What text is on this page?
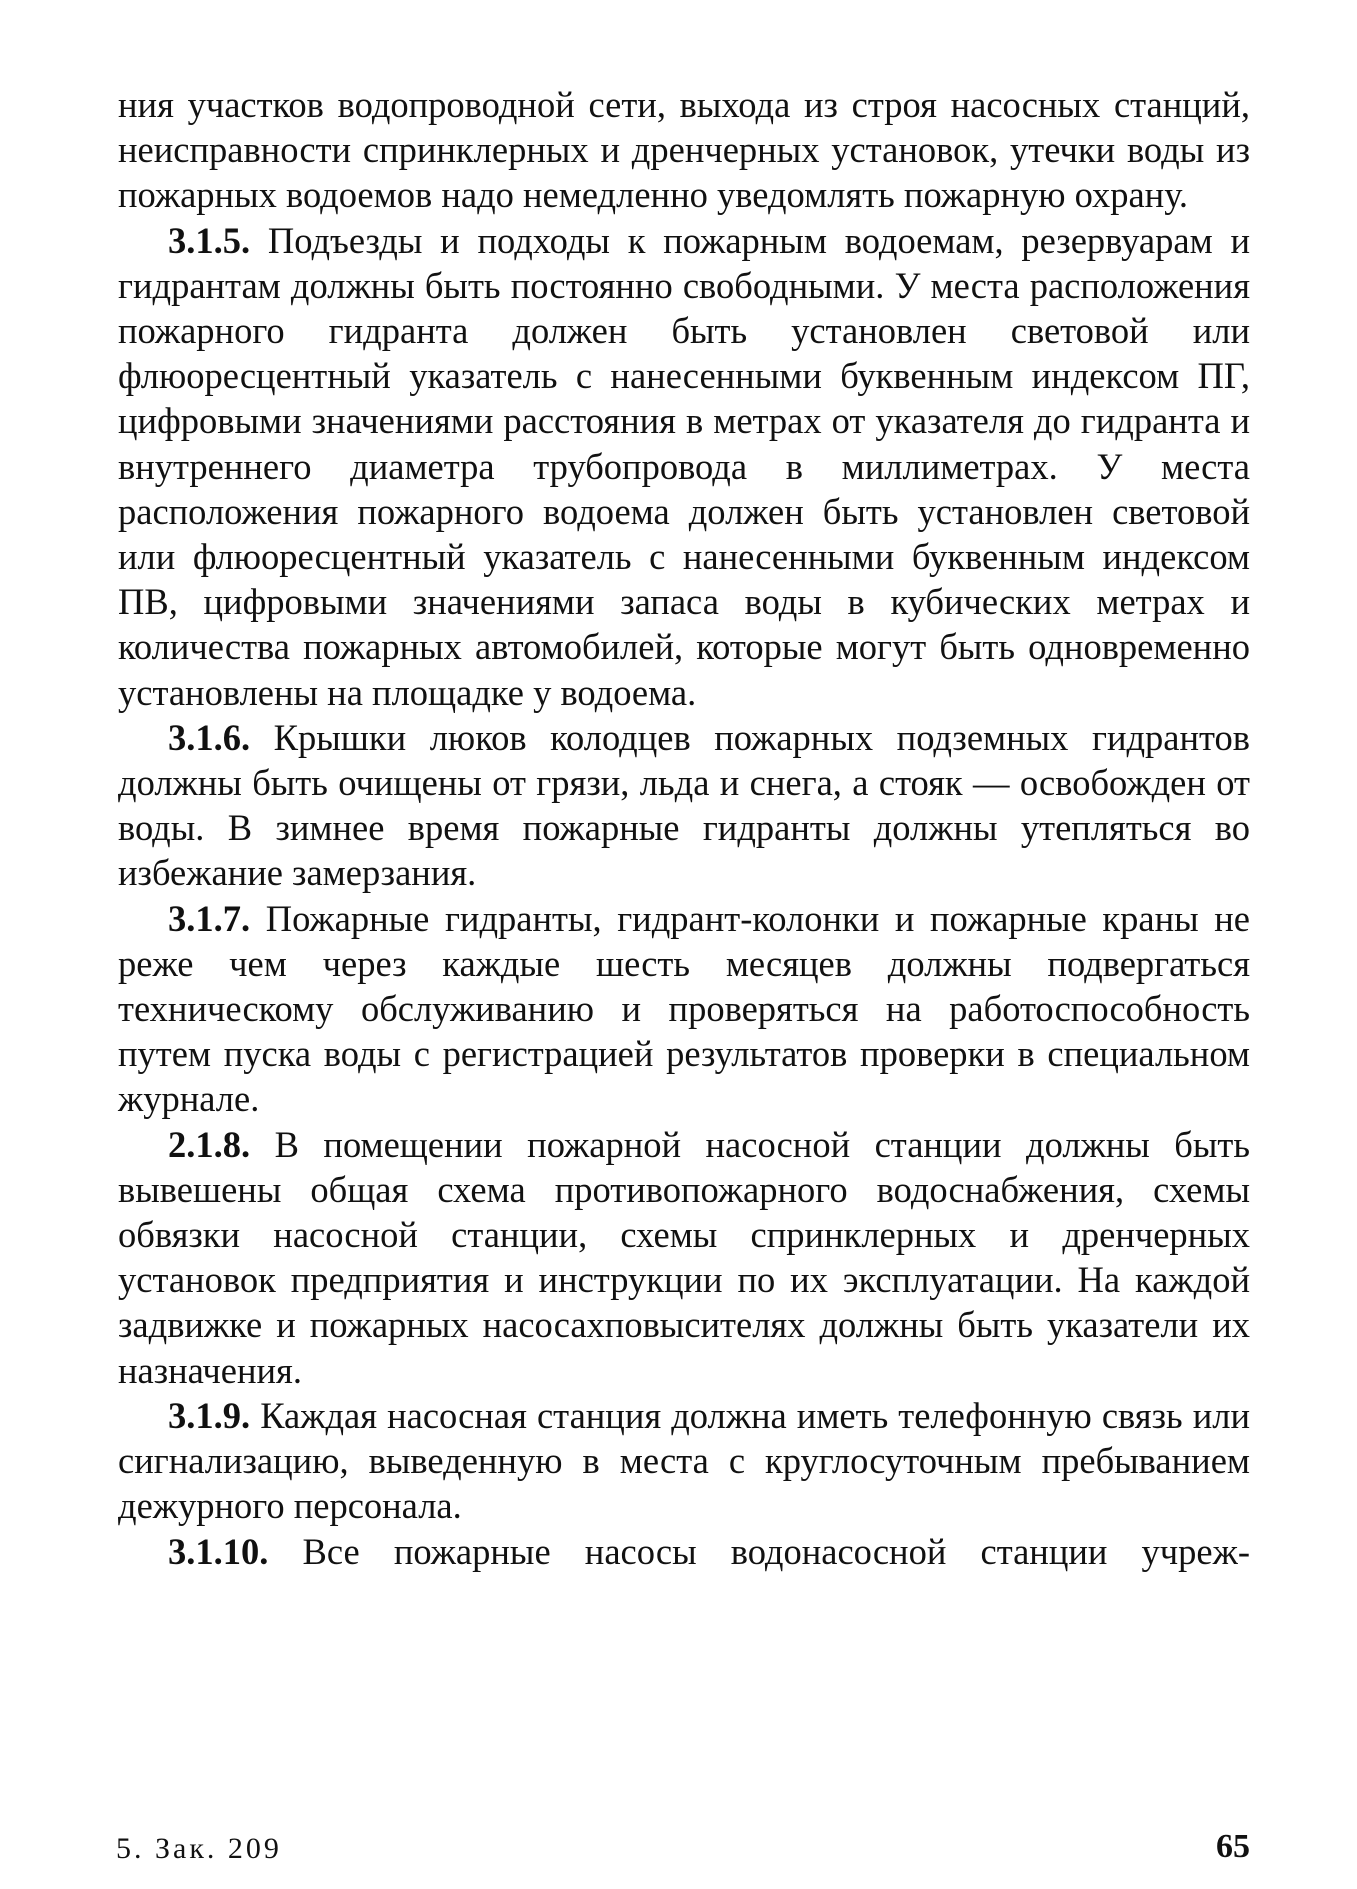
ния участков водопроводной сети, выхода из строя насосных станций, неисправности спринклерных и дренчерных установок, утечки воды из пожарных водоемов надо немедленно уведомлять пожарную охрану.

3.1.5. Подъезды и подходы к пожарным водоемам, резервуарам и гидрантам должны быть постоянно свободными. У места расположения пожарного гидранта должен быть установлен световой или флюоресцентный указатель с нанесенными буквенным индексом ПГ, цифровыми значениями расстояния в метрах от указателя до гидранта и внутреннего диаметра трубопровода в миллиметрах. У места расположения пожарного водоема должен быть установлен световой или флюоресцентный указатель с нанесенными буквенным индексом ПВ, цифровыми значениями запаса воды в кубических метрах и количества пожарных автомобилей, которые могут быть одновременно установлены на площадке у водоема.

3.1.6. Крышки люков колодцев пожарных подземных гидрантов должны быть очищены от грязи, льда и снега, а стояк — освобожден от воды. В зимнее время пожарные гидранты должны утепляться во избежание замерзания.

3.1.7. Пожарные гидранты, гидрант-колонки и пожарные краны не реже чем через каждые шесть месяцев должны подвергаться техническому обслуживанию и проверяться на работоспособность путем пуска воды с регистрацией результатов проверки в специальном журнале.

2.1.8. В помещении пожарной насосной станции должны быть вывешены общая схема противопожарного водоснабжения, схемы обвязки насосной станции, схемы спринклерных и дренчерных установок предприятия и инструкции по их эксплуатации. На каждой задвижке и пожарных насосахповысителях должны быть указатели их назначения.

3.1.9. Каждая насосная станция должна иметь телефонную связь или сигнализацию, выведенную в места с круглосуточным пребыванием дежурного персонала.

3.1.10. Все пожарные насосы водонасосной станции учреж-

5. Зак. 209	65
